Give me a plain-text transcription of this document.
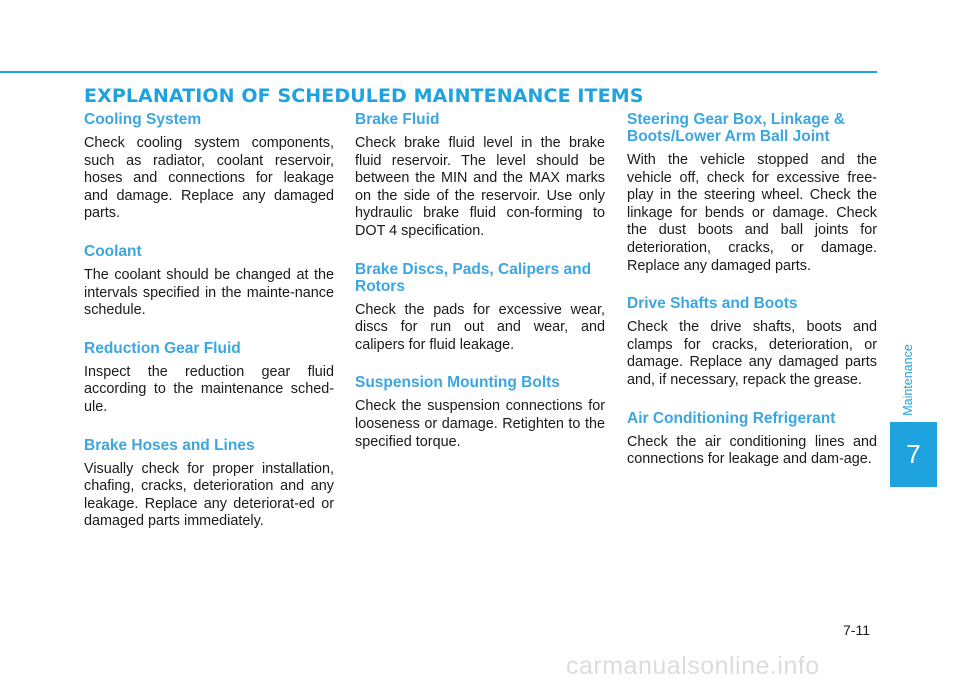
EXPLANATION OF SCHEDULED MAINTENANCE ITEMS
Cooling System

Check cooling system components, such as radiator, coolant reservoir, hoses and connections for leakage and damage. Replace any damaged parts.

Coolant

The coolant should be changed at the intervals specified in the mainte-nance schedule.

Reduction Gear Fluid

Inspect the reduction gear fluid according to the maintenance sched-ule.

Brake Hoses and Lines

Visually check for proper installation, chafing, cracks, deterioration and any leakage. Replace any deteriorat-ed or damaged parts immediately.

Brake Fluid

Check brake fluid level in the brake fluid reservoir. The level should be between the MIN and the MAX marks on the side of the reservoir. Use only hydraulic brake fluid con-forming to DOT 4 specification.

Brake Discs, Pads, Calipers and Rotors

Check the pads for excessive wear, discs for run out and wear, and calipers for fluid leakage.

Suspension Mounting Bolts

Check the suspension connections for looseness or damage. Retighten to the specified torque.

Steering Gear Box, Linkage & Boots/Lower Arm Ball Joint

With the vehicle stopped and the vehicle off, check for excessive free-play in the steering wheel. Check the linkage for bends or damage. Check the dust boots and ball joints for deterioration, cracks, or damage. Replace any damaged parts.

Drive Shafts and Boots

Check the drive shafts, boots and clamps for cracks, deterioration, or damage. Replace any damaged parts and, if necessary, repack the grease.

Air Conditioning Refrigerant

Check the air conditioning lines and connections for leakage and dam-age.

Maintenance
7
7-11
carmanualsonline.info
